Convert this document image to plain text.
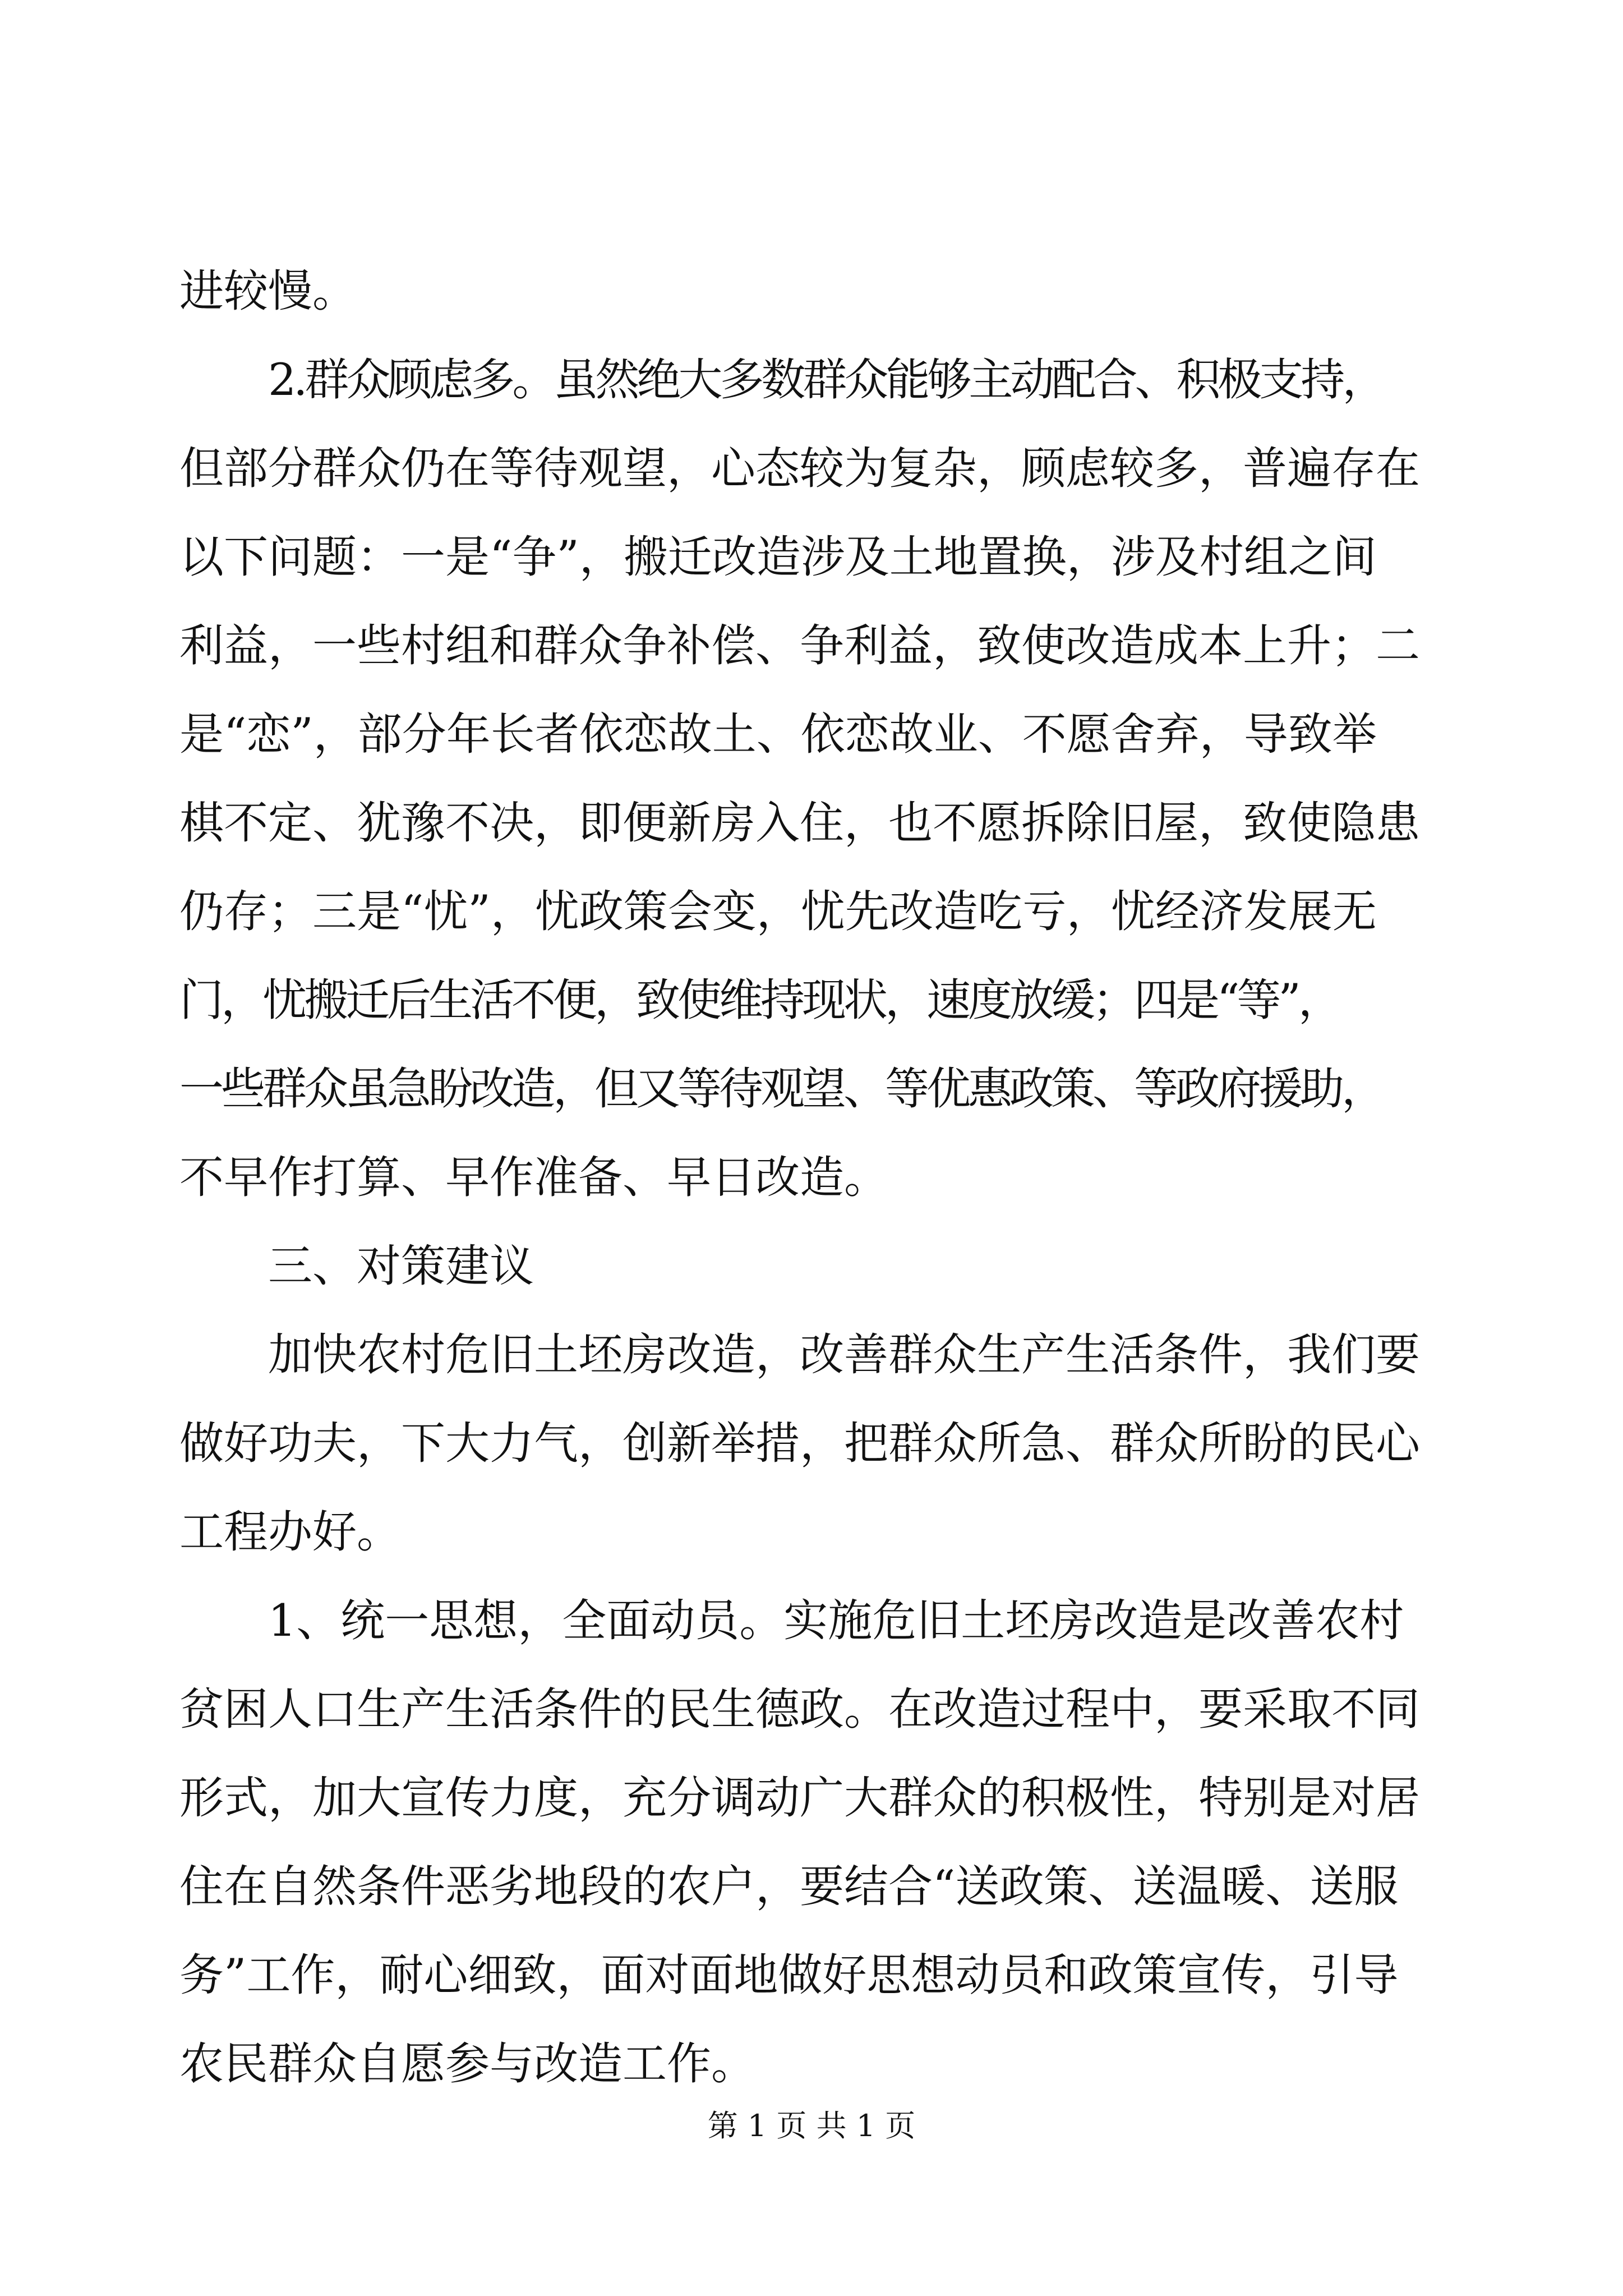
进较慢。
2.群众顾虑多。虽然绝大多数群众能够主动配合、积极支持，
但部分群众仍在等待观望，心态较为复杂，顾虑较多，普遍存在
以下问题：一是“争”，搬迁改造涉及土地置换，涉及村组之间
利益，一些村组和群众争补偿、争利益，致使改造成本上升；二
是“恋”，部分年长者依恋故土、依恋故业、不愿舍弃，导致举
棋不定、犹豫不决，即便新房入住，也不愿拆除旧屋，致使隐患
仍存；三是“忧”，忧政策会变，忧先改造吃亏，忧经济发展无
门，忧搬迁后生活不便，致使维持现状，速度放缓；四是“等”，
一些群众虽急盼改造，但又等待观望、等优惠政策、等政府援助，
不早作打算、早作准备、早日改造。
三、对策建议
加快农村危旧土坯房改造，改善群众生产生活条件，我们要
做好功夫，下大力气，创新举措，把群众所急、群众所盼的民心
工程办好。
1、统一思想，全面动员。实施危旧土坯房改造是改善农村
贫困人口生产生活条件的民生德政。在改造过程中，要采取不同
形式，加大宣传力度，充分调动广大群众的积极性，特别是对居
住在自然条件恶劣地段的农户，要结合“送政策、送温暖、送服
务”工作，耐心细致，面对面地做好思想动员和政策宣传，引导
农民群众自愿参与改造工作。
第 1 页 共 1 页
